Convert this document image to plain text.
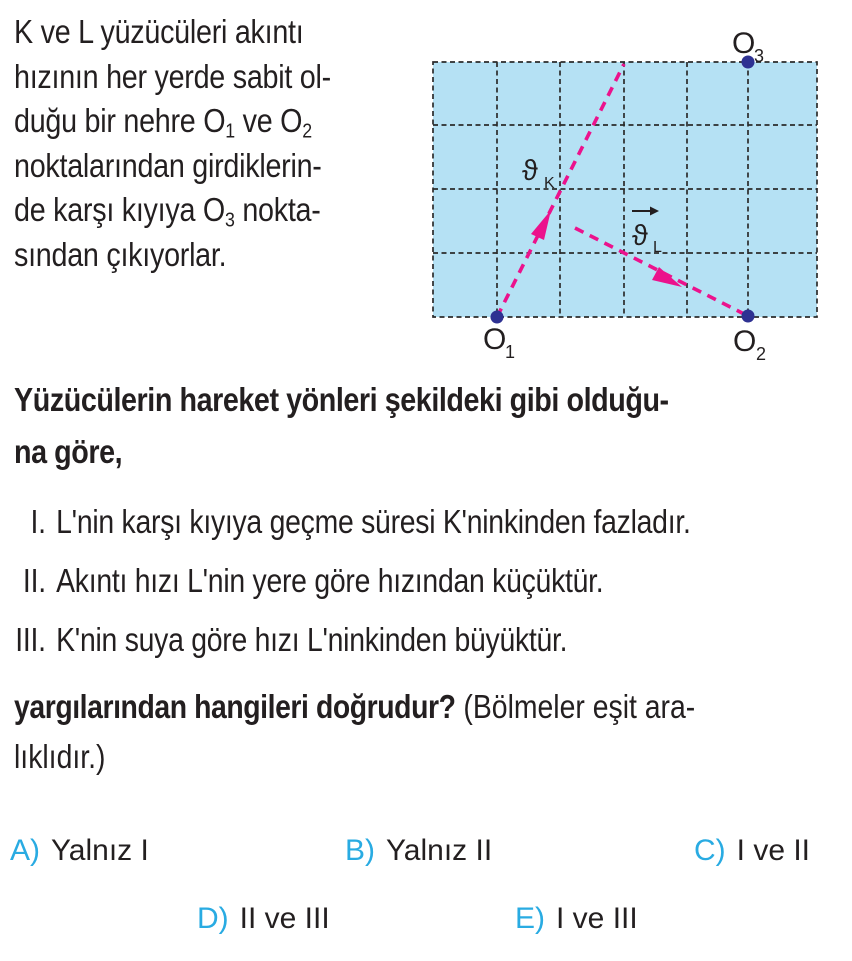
K ve L yüzücüleri akıntı
hızının her yerde sabit ol-
duğu bir nehre $O_1$ ve $O_2$
noktalarından girdiklerin-
de karşı kıyıya $O_3$ nokta-
sından çıkıyorlar.
O
3
O
1	O 2
ϑ K
ϑ L
Yüzücülerin hareket yönleri şekildeki gibi olduğu-
na göre,
I. L'nin karşı kıyıya geçme süresi K'ninkinden fazladır.
II. Akıntı hızı L'nin yere göre hızından küçüktür.
III. K'nin suya göre hızı L'ninkinden büyüktür.
yargılarından hangileri doğrudur? (Bölmeler eşit ara-
lıklıdır.)
A) Yalnız I	B) Yalnız II	C) I ve II
D) II ve III	E) I ve III
